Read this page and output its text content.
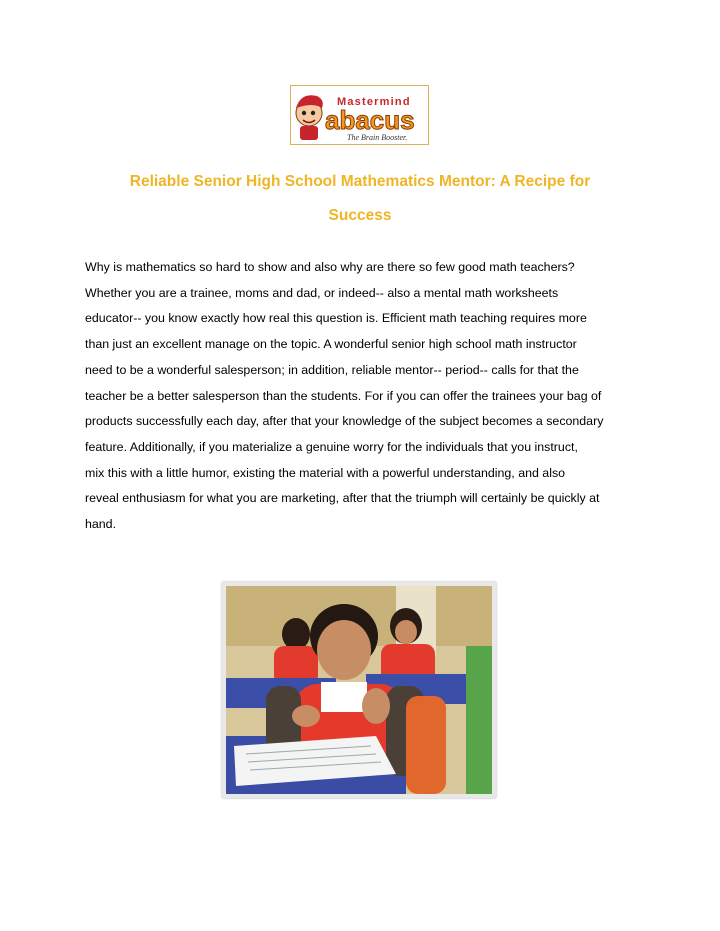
Mastermind
abacus
The Brain Booster.
Reliable Senior High School Mathematics Mentor: A Recipe for
Success

Why is mathematics so hard to show and also why are there so few good math teachers?
Whether you are a trainee, moms and dad, or indeed-- also a mental math worksheets
educator-- you know exactly how real this question is. Efficient math teaching requires more
than just an excellent manage on the topic. A wonderful senior high school math instructor
need to be a wonderful salesperson; in addition, reliable mentor-- period-- calls for that the
teacher be a better salesperson than the students. For if you can offer the trainees your bag of
products successfully each day, after that your knowledge of the subject becomes a secondary
feature. Additionally, if you materialize a genuine worry for the individuals that you instruct,
mix this with a little humor, existing the material with a powerful understanding, and also
reveal enthusiasm for what you are marketing, after that the triumph will certainly be quickly at
hand.
